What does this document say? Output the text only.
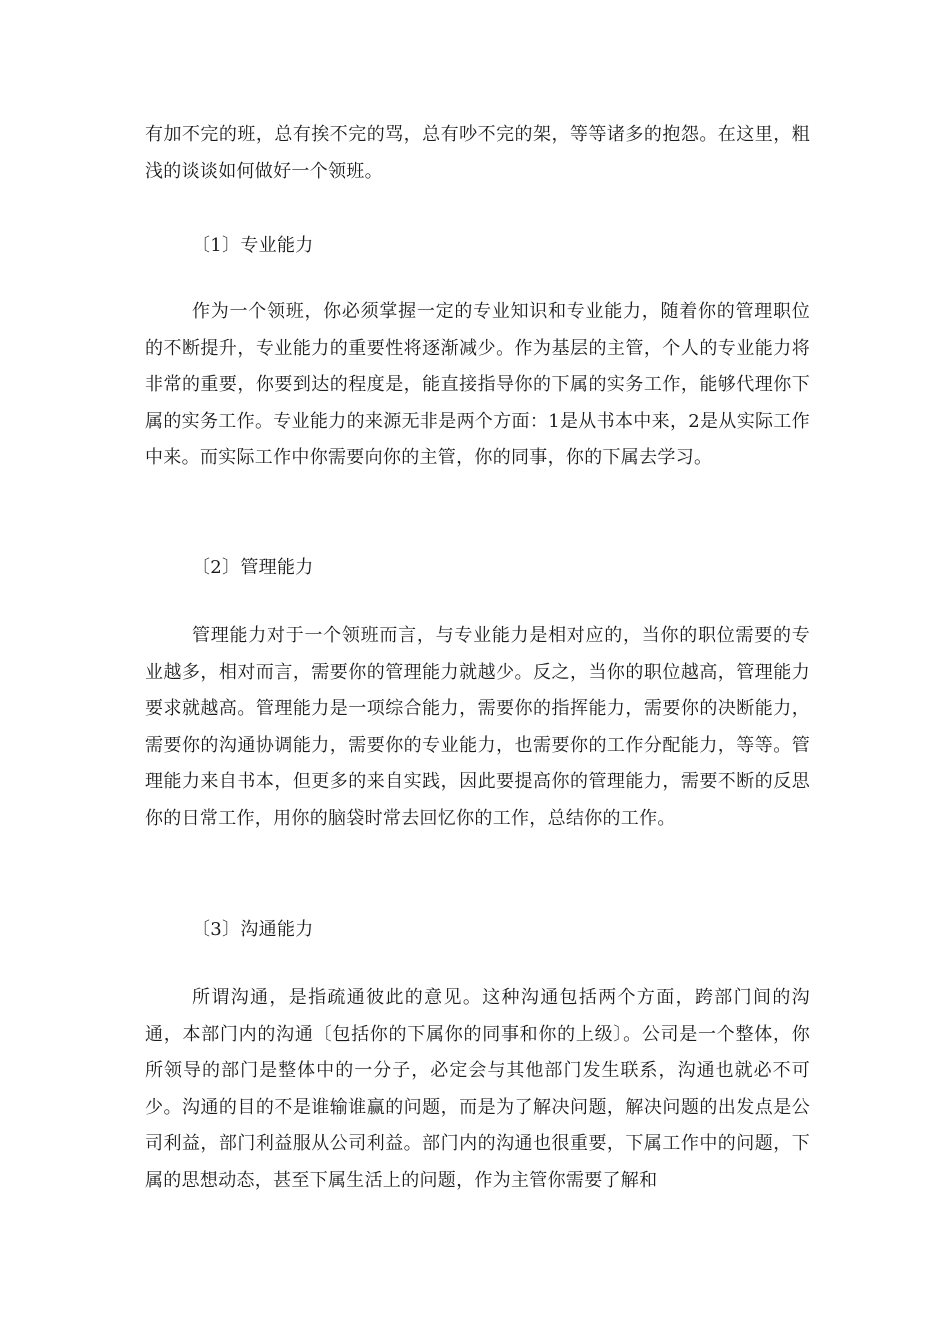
有加不完的班，总有挨不完的骂，总有吵不完的架，等等诸多的抱怨。在这里，粗浅的谈谈如何做好一个领班。

〔1〕专业能力

作为一个领班，你必须掌握一定的专业知识和专业能力，随着你的管理职位的不断提升，专业能力的重要性将逐渐减少。作为基层的主管，个人的专业能力将非常的重要，你要到达的程度是，能直接指导你的下属的实务工作，能够代理你下属的实务工作。专业能力的来源无非是两个方面：1是从书本中来，2是从实际工作中来。而实际工作中你需要向你的主管，你的同事，你的下属去学习。

〔2〕管理能力

管理能力对于一个领班而言，与专业能力是相对应的，当你的职位需要的专业越多，相对而言，需要你的管理能力就越少。反之，当你的职位越高，管理能力要求就越高。管理能力是一项综合能力，需要你的指挥能力，需要你的决断能力，需要你的沟通协调能力，需要你的专业能力，也需要你的工作分配能力，等等。管理能力来自书本，但更多的来自实践，因此要提高你的管理能力，需要不断的反思你的日常工作，用你的脑袋时常去回忆你的工作，总结你的工作。

〔3〕沟通能力

所谓沟通，是指疏通彼此的意见。这种沟通包括两个方面，跨部门间的沟通，本部门内的沟通〔包括你的下属你的同事和你的上级〕。公司是一个整体，你所领导的部门是整体中的一分子，必定会与其他部门发生联系，沟通也就必不可少。沟通的目的不是谁输谁赢的问题，而是为了解决问题，解决问题的出发点是公司利益，部门利益服从公司利益。部门内的沟通也很重要，下属工作中的问题，下属的思想动态，甚至下属生活上的问题，作为主管你需要了解和
